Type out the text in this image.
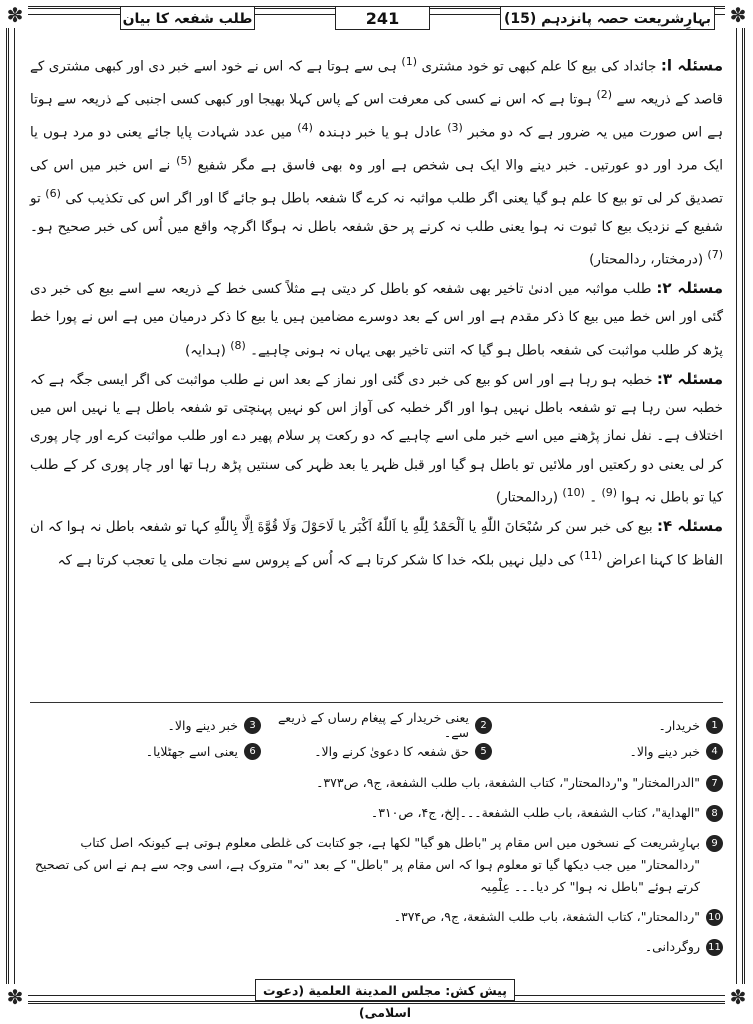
✽	✽
✽	✽
طلب شفعہ کا بیان	241	بہارِشریعت حصہ پانزدہم (15)

مسئلہ ا: جائداد کی بیع کا علم کبھی تو خود مشتری $^{(1)}$ ہی سے ہوتا ہے کہ اس نے خود اسے خبر دی اور کبھی مشتری کے قاصد کے ذریعہ سے $^{(2)}$ ہوتا ہے کہ اس نے کسی کی معرفت اس کے پاس کہلا بھیجا اور کبھی کسی اجنبی کے ذریعہ سے ہوتا ہے اس صورت میں یہ ضرور ہے کہ دو مخبر $^{(3)}$ عادل ہو یا خبر دہندہ $^{(4)}$ میں عدد شہادت پایا جائے یعنی دو مرد ہوں یا ایک مرد اور دو عورتیں۔ خبر دینے والا ایک ہی شخص ہے اور وہ بھی فاسق ہے مگر شفیع $^{(5)}$ نے اس خبر میں اس کی تصدیق کر لی تو بیع کا علم ہو گیا یعنی اگر طلب مواثبہ نہ کرے گا شفعہ باطل ہو جائے گا اور اگر اس کی تکذیب کی $^{(6)}$ تو شفیع کے نزدیک بیع کا ثبوت نہ ہوا یعنی طلب نہ کرنے پر حق شفعہ باطل نہ ہوگا اگرچہ واقع میں اُس کی خبر صحیح ہو۔ $^{(7)}$ (درمختار، ردالمحتار)

مسئلہ ۲: طلب مواثبہ میں ادنیٰ تاخیر بھی شفعہ کو باطل کر دیتی ہے مثلاً کسی خط کے ذریعہ سے اسے بیع کی خبر دی گئی اور اس خط میں بیع کا ذکر مقدم ہے اور اس کے بعد دوسرے مضامین ہیں یا بیع کا ذکر درمیان میں ہے اس نے پورا خط پڑھ کر طلب مواثبت کی شفعہ باطل ہو گیا کہ اتنی تاخیر بھی یہاں نہ ہونی چاہیے۔ $^{(8)}$ (ہدایہ)

مسئلہ ۳: خطبہ ہو رہا ہے اور اس کو بیع کی خبر دی گئی اور نماز کے بعد اس نے طلب مواثبت کی اگر ایسی جگہ ہے کہ خطبہ سن رہا ہے تو شفعہ باطل نہیں ہوا اور اگر خطبہ کی آواز اس کو نہیں پہنچتی تو شفعہ باطل ہے یا نہیں اس میں اختلاف ہے۔ نفل نماز پڑھنے میں اسے خبر ملی اسے چاہیے کہ دو رکعت پر سلام پھیر دے اور طلب مواثبت کرے اور چار پوری کر لی یعنی دو رکعتیں اور ملائیں تو باطل ہو گیا اور قبل ظہر یا بعد ظہر کی سنتیں پڑھ رہا تھا اور چار پوری کر کے طلب کیا تو باطل نہ ہوا $^{(9)}$ ۔ $^{(10)}$ (ردالمحتار)

مسئلہ ۴: بیع کی خبر سن کر سُبْحَانَ اللّٰهِ یا اَلْحَمْدُ لِلّٰهِ یا اَللّٰهُ اَکْبَر یا لَاحَوْلَ وَلَا قُوَّةَ اِلَّا بِاللّٰهِ کہا تو شفعہ باطل نہ ہوا کہ ان الفاظ کا کہنا اعراض $^{(11)}$ کی دلیل نہیں بلکہ خدا کا شکر کرتا ہے کہ اُس کے پروس سے نجات ملی یا تعجب کرتا ہے کہ

1
خریدار۔
2
یعنی خریدار کے پیغام رساں کے ذریعے سے۔
3
خبر دینے والا۔
4
خبر دینے والا۔
5
حق شفعہ کا دعویٰ کرنے والا۔
6
یعنی اسے جھٹلایا۔
7
"الدرالمختار" و"ردالمحتار"، کتاب الشفعة، باب طلب الشفعة، ج۹، ص۳۷۳۔
8
"الهداية"، کتاب الشفعة، باب طلب الشفعة۔۔۔إلخ، ج۴، ص۳۱۰۔
9
بہارِشریعت کے نسخوں میں اس مقام پر "باطل ھو گیا" لکھا ہے، جو کتابت کی غلطی معلوم ہوتی ہے کیونکہ اصل کتاب "ردالمحتار" میں جب دیکھا گیا تو معلوم ہوا کہ اس مقام پر "باطل" کے بعد "نہ" متروک ہے، اسی وجہ سے ہم نے اس کی تصحیح کرتے ہوئے "باطل نہ ہوا" کر دیا۔۔۔ عِلْمِیہ
10
"ردالمحتار"، کتاب الشفعة، باب طلب الشفعة، ج۹، ص۳۷۴۔
11
روگردانی۔
پیش کش: مجلس المدينة العلمية (دعوت اسلامی)
